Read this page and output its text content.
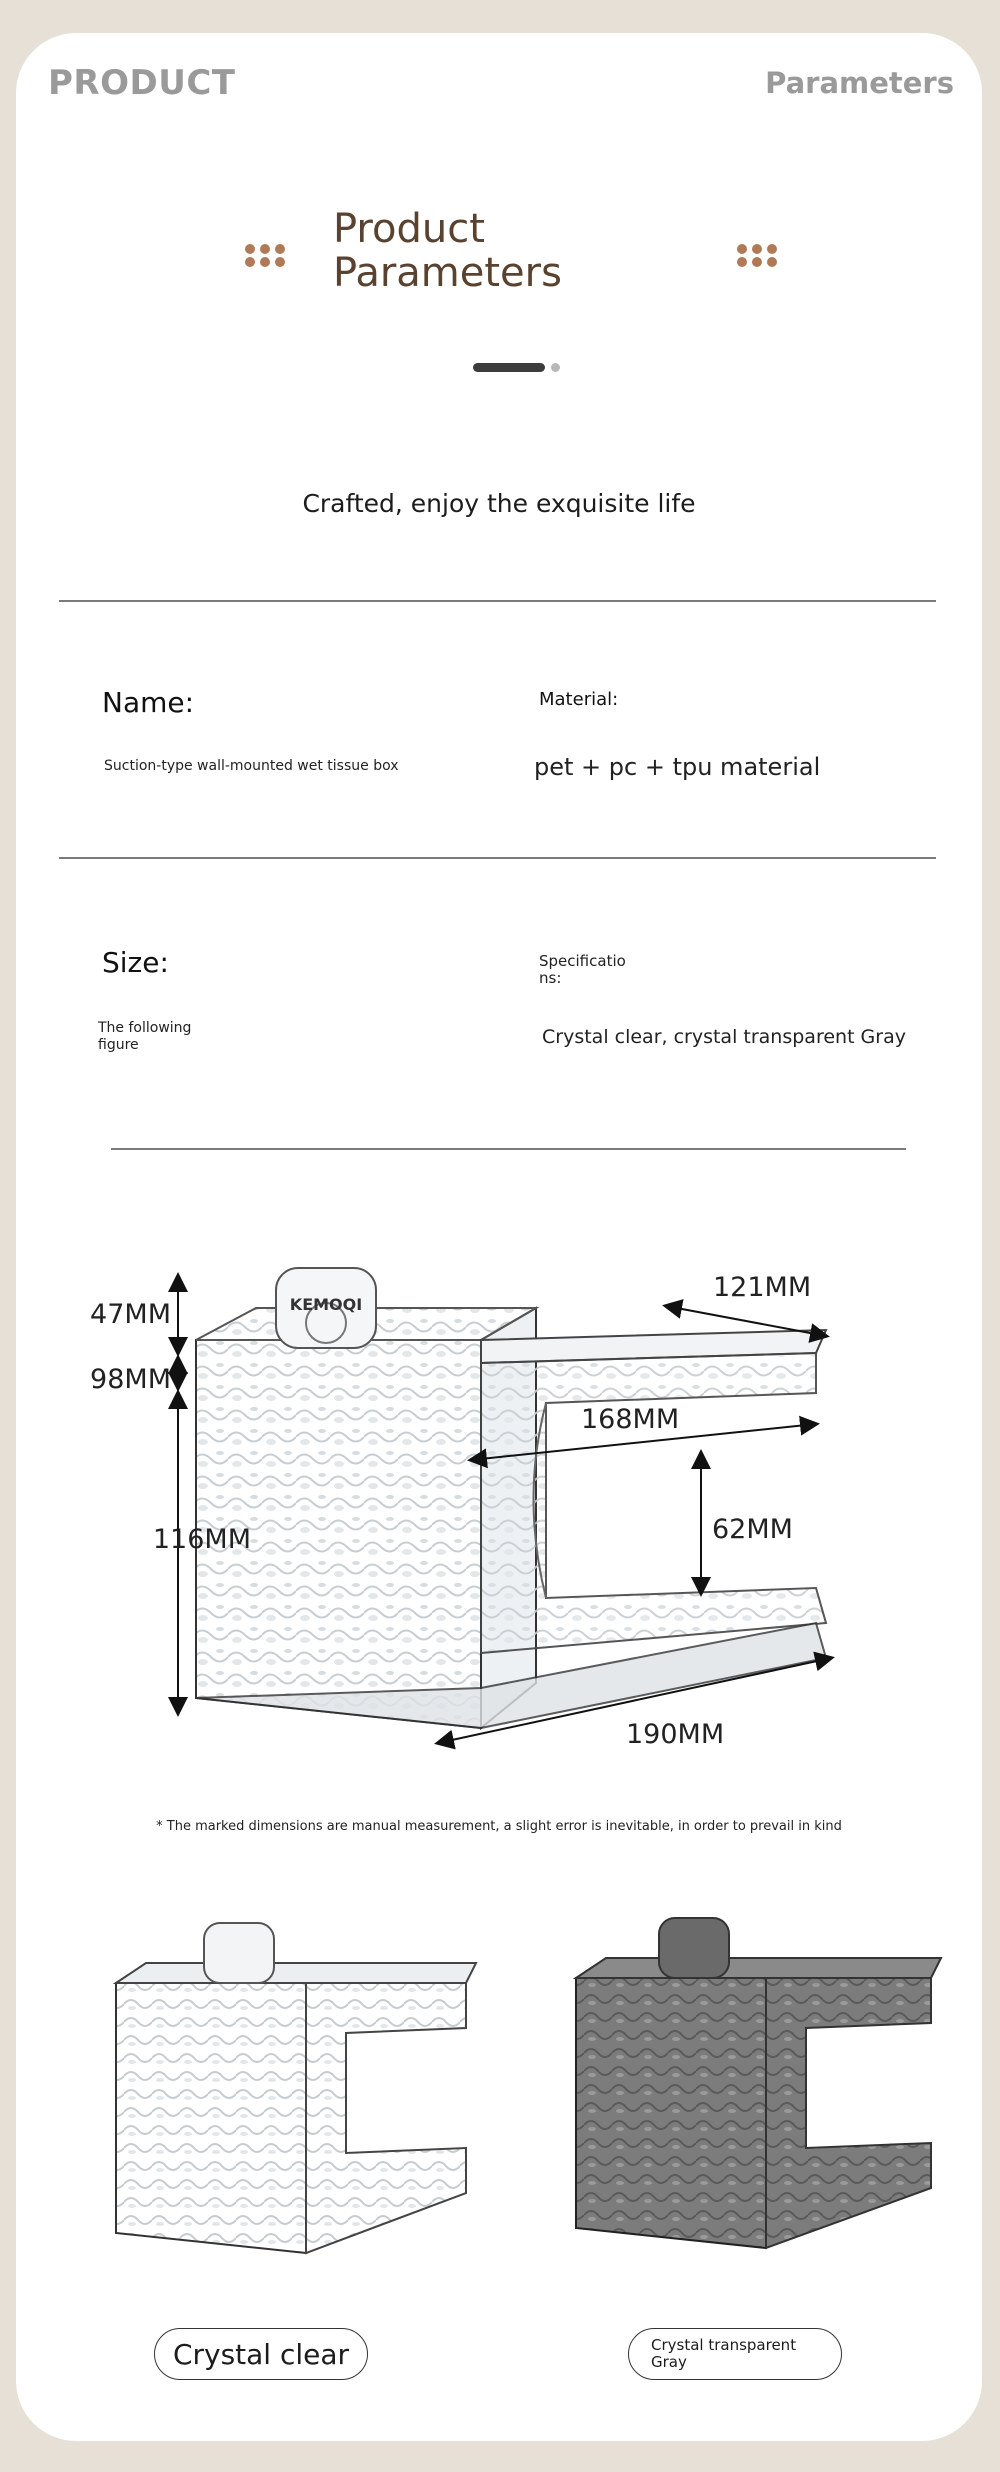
PRODUCT	Parameters
Product
Parameters
Crafted, enjoy the exquisite life
Name:
Suction-type wall-mounted wet tissue box
Material:
pet + pc + tpu material
Size:
The following
figure
Specificatio
ns:
Crystal clear, crystal transparent Gray
KEMOQI
47MM
98MM
116MM
121MM
168MM
62MM
190MM
* The marked dimensions are manual measurement, a slight error is inevitable, in order to prevail in kind
Crystal clear	Crystal transparent
Gray
